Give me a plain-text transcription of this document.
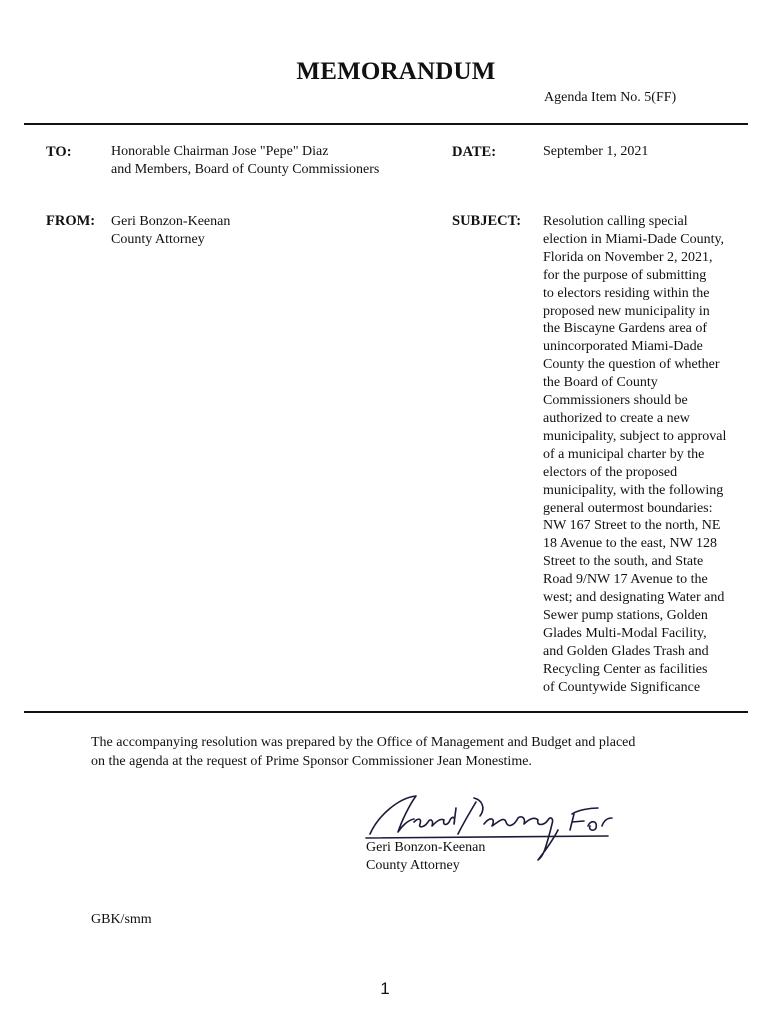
MEMORANDUM
Agenda Item No. 5(FF)
TO:	Honorable Chairman Jose "Pepe" Diaz
and Members, Board of County Commissioners
DATE:	September 1, 2021
FROM: Geri Bonzon-Keenan
County Attorney
SUBJECT: Resolution calling special
election in Miami-Dade County,
Florida on November 2, 2021,
for the purpose of submitting
to electors residing within the
proposed new municipality in
the Biscayne Gardens area of
unincorporated Miami-Dade
County the question of whether
the Board of County
Commissioners should be
authorized to create a new
municipality, subject to approval
of a municipal charter by the
electors of the proposed
municipality, with the following
general outermost boundaries:
NW 167 Street to the north, NE
18 Avenue to the east, NW 128
Street to the south, and State
Road 9/NW 17 Avenue to the
west; and designating Water and
Sewer pump stations, Golden
Glades Multi-Modal Facility,
and Golden Glades Trash and
Recycling Center as facilities
of Countywide Significance
The accompanying resolution was prepared by the Office of Management and Budget and placed
on the agenda at the request of Prime Sponsor Commissioner Jean Monestime.
Geri Bonzon-Keenan
County Attorney
GBK/smm
1
